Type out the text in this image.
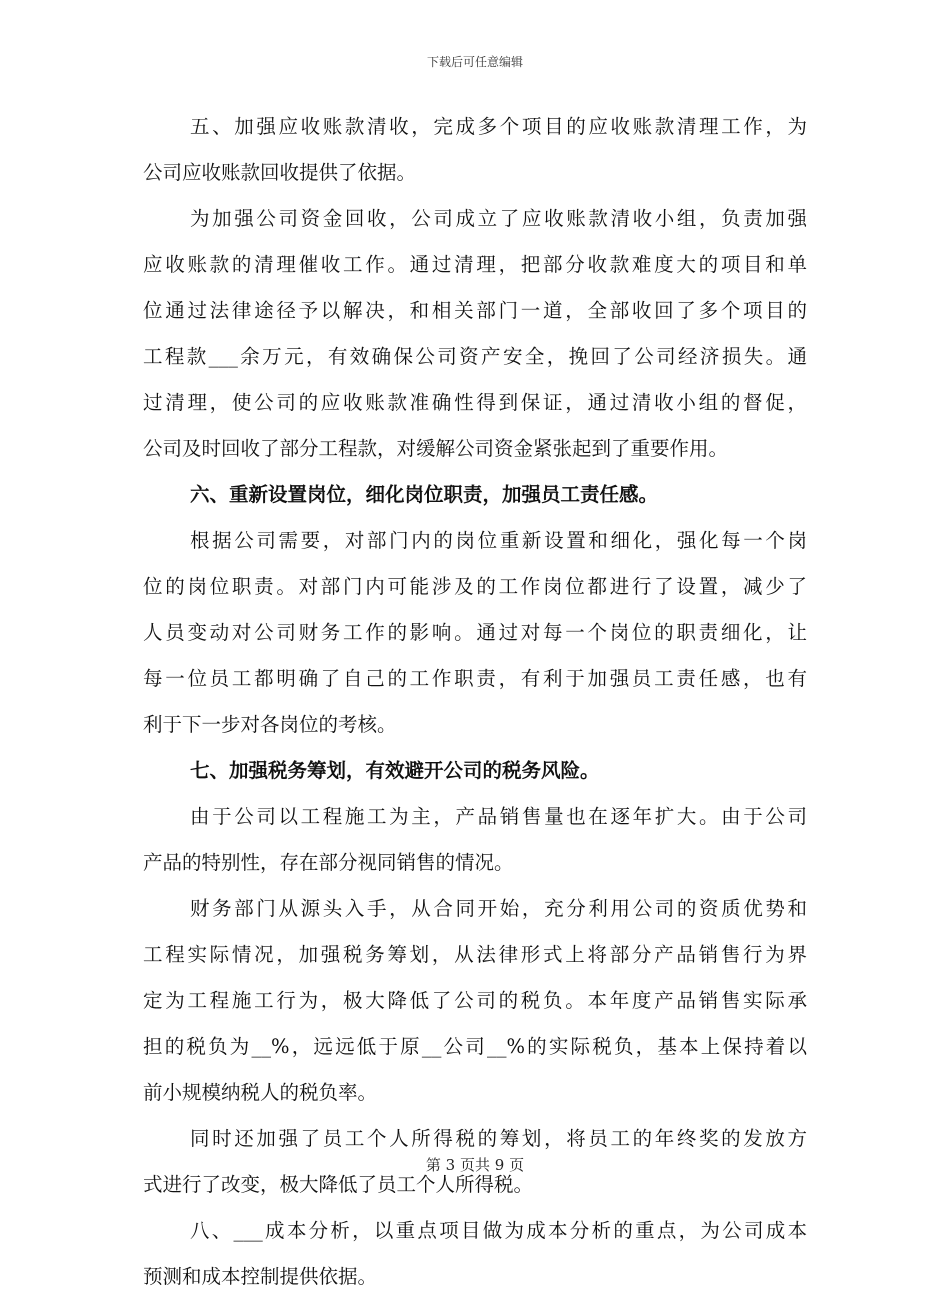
下载后可任意编辑
五、加强应收账款清收，完成多个项目的应收账款清理工作，为
公司应收账款回收提供了依据。
为加强公司资金回收，公司成立了应收账款清收小组，负责加强
应收账款的清理催收工作。通过清理，把部分收款难度大的项目和单
位通过法律途径予以解决，和相关部门一道，全部收回了多个项目的
工程款___余万元，有效确保公司资产安全，挽回了公司经济损失。通
过清理，使公司的应收账款准确性得到保证，通过清收小组的督促，
公司及时回收了部分工程款，对缓解公司资金紧张起到了重要作用。
六、重新设置岗位，细化岗位职责，加强员工责任感。
根据公司需要，对部门内的岗位重新设置和细化，强化每一个岗
位的岗位职责。对部门内可能涉及的工作岗位都进行了设置，减少了
人员变动对公司财务工作的影响。通过对每一个岗位的职责细化，让
每一位员工都明确了自己的工作职责，有利于加强员工责任感，也有
利于下一步对各岗位的考核。
七、加强税务筹划，有效避开公司的税务风险。
由于公司以工程施工为主，产品销售量也在逐年扩大。由于公司
产品的特别性，存在部分视同销售的情况。
财务部门从源头入手，从合同开始，充分利用公司的资质优势和
工程实际情况，加强税务筹划，从法律形式上将部分产品销售行为界
定为工程施工行为，极大降低了公司的税负。本年度产品销售实际承
担的税负为__%，远远低于原__公司__%的实际税负，基本上保持着以
前小规模纳税人的税负率。
同时还加强了员工个人所得税的筹划，将员工的年终奖的发放方
式进行了改变，极大降低了员工个人所得税。
八、___成本分析，以重点项目做为成本分析的重点，为公司成本
预测和成本控制提供依据。
第 3 页共 9 页
